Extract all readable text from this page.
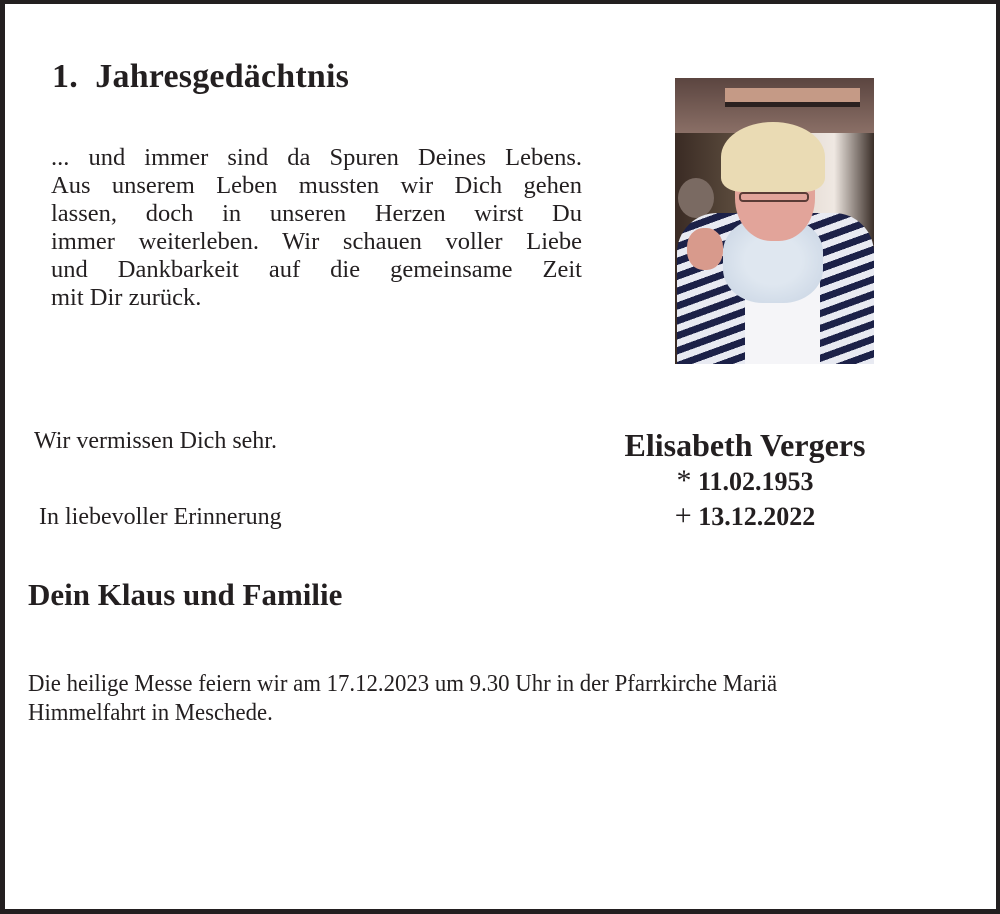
1.  Jahresgedächtnis
... und immer sind da Spuren Deines Lebens.
Aus unserem Leben mussten wir Dich gehen
lassen, doch in unseren Herzen wirst Du
immer weiterleben. Wir schauen voller Liebe
und Dankbarkeit auf die gemeinsame Zeit
mit Dir zurück.
Wir vermissen Dich sehr.
In liebevoller Erinnerung
Dein Klaus und Familie
Elisabeth Vergers
* 11.02.1953
+ 13.12.2022
Die heilige Messe feiern wir am 17.12.2023 um 9.30 Uhr in der Pfarrkirche Mariä
Himmelfahrt in Meschede.
